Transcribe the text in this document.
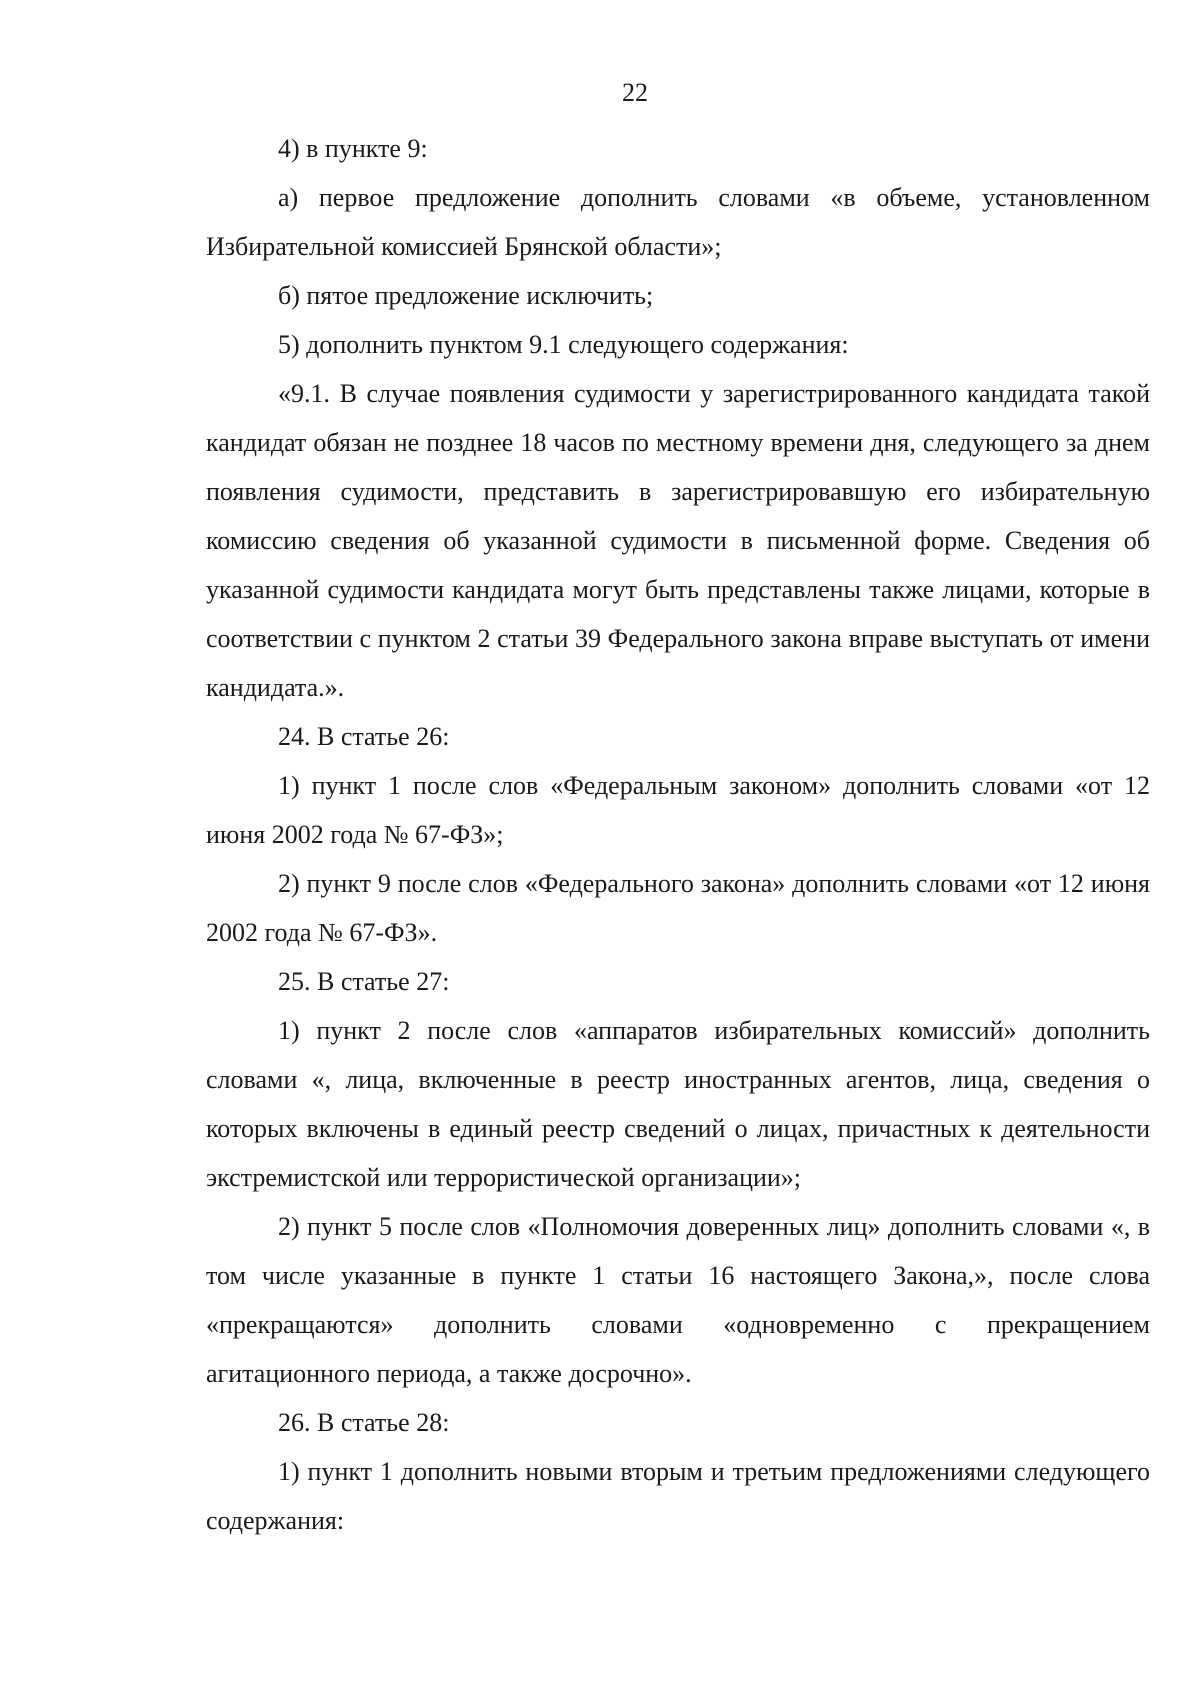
22

4) в пункте 9:

а) первое предложение дополнить словами «в объеме, установленном Избирательной комиссией Брянской области»;

б) пятое предложение исключить;

5) дополнить пунктом 9.1 следующего содержания:

«9.1. В случае появления судимости у зарегистрированного кандидата такой кандидат обязан не позднее 18 часов по местному времени дня, следующего за днем появления судимости, представить в зарегистрировавшую его избирательную комиссию сведения об указанной судимости в письменной форме. Сведения об указанной судимости кандидата могут быть представлены также лицами, которые в соответствии с пунктом 2 статьи 39 Федерального закона вправе выступать от имени кандидата.».

24. В статье 26:

1) пункт 1 после слов «Федеральным законом» дополнить словами «от 12 июня 2002 года № 67-ФЗ»;

2) пункт 9 после слов «Федерального закона» дополнить словами «от 12 июня 2002 года № 67-ФЗ».

25. В статье 27:

1) пункт 2 после слов «аппаратов избирательных комиссий» дополнить словами «, лица, включенные в реестр иностранных агентов, лица, сведения о которых включены в единый реестр сведений о лицах, причастных к деятельности экстремистской или террористической организации»;

2) пункт 5 после слов «Полномочия доверенных лиц» дополнить словами «, в том числе указанные в пункте 1 статьи 16 настоящего Закона,», после слова «прекращаются» дополнить словами «одновременно с прекращением агитационного периода, а также досрочно».

26. В статье 28:

1) пункт 1 дополнить новыми вторым и третьим предложениями следующего содержания:
